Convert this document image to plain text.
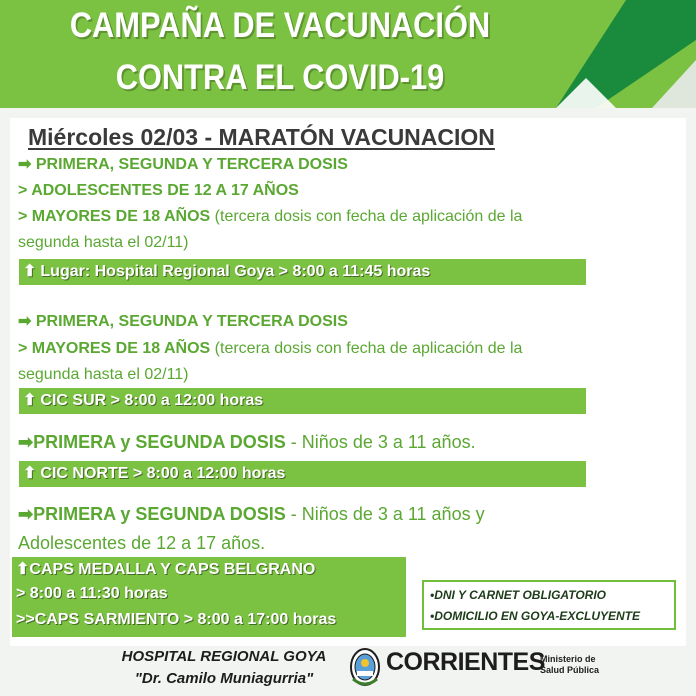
CAMPAÑA DE VACUNACIÓN
CONTRA EL COVID-19
Miércoles 02/03 - MARATÓN VACUNACION
➡ PRIMERA, SEGUNDA Y TERCERA DOSIS
> ADOLESCENTES DE 12 A 17 AÑOS
> MAYORES DE 18 AÑOS (tercera dosis con fecha de aplicación de la
segunda hasta el 02/11)
⬆ Lugar: Hospital Regional Goya > 8:00 a 11:45 horas
➡ PRIMERA, SEGUNDA Y TERCERA DOSIS
> MAYORES DE 18 AÑOS (tercera dosis con fecha de aplicación de la
segunda hasta el 02/11)
⬆ CIC SUR > 8:00 a 12:00 horas
➡PRIMERA y SEGUNDA DOSIS - Niños de 3 a 11 años.
⬆ CIC NORTE > 8:00 a 12:00 horas
➡PRIMERA y SEGUNDA DOSIS - Niños de 3 a 11 años y
Adolescentes de 12 a 17 años.
⬆CAPS MEDALLA Y CAPS BELGRANO
> 8:00 a 11:30 horas
>>CAPS SARMIENTO > 8:00 a 17:00 horas
•DNI Y CARNET OBLIGATORIO
•DOMICILIO EN GOYA-EXCLUYENTE
HOSPITAL REGIONAL GOYA
"Dr. Camilo Muniagurria"
CORRIENTES
Ministerio de
Salud Pública
